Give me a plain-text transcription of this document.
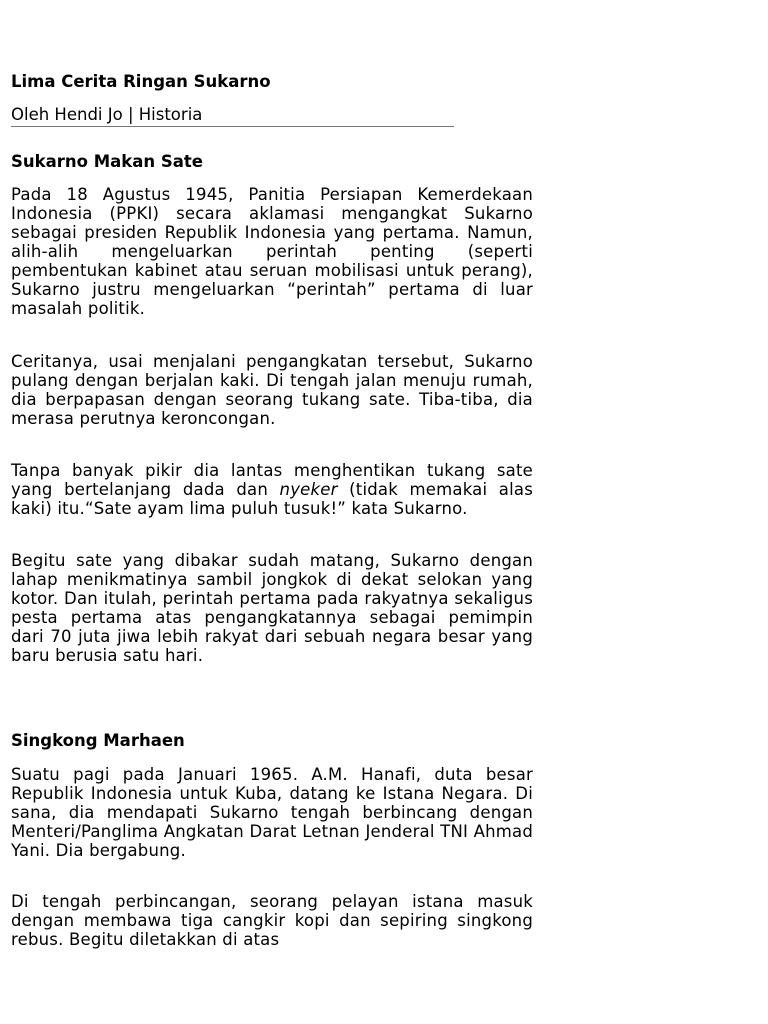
Lima Cerita Ringan Sukarno
Oleh Hendi Jo | Historia
Sukarno Makan Sate

Pada 18 Agustus 1945, Panitia Persiapan Kemerdekaan Indonesia (PPKI) secara aklamasi mengangkat Sukarno sebagai presiden Republik Indonesia yang pertama. Namun, alih-alih mengeluarkan perintah penting (seperti pembentukan kabinet atau seruan mobilisasi untuk perang), Sukarno justru mengeluarkan “perintah” pertama di luar masalah politik.

Ceritanya, usai menjalani pengangkatan tersebut, Sukarno pulang dengan berjalan kaki. Di tengah jalan menuju rumah, dia berpapasan dengan seorang tukang sate. Tiba-tiba, dia merasa perutnya keroncongan.

Tanpa banyak pikir dia lantas menghentikan tukang sate yang bertelanjang dada dan nyeker (tidak memakai alas kaki) itu.“Sate ayam lima puluh tusuk!” kata Sukarno.

Begitu sate yang dibakar sudah matang, Sukarno dengan lahap menikmatinya sambil jongkok di dekat selokan yang kotor. Dan itulah, perintah pertama pada rakyatnya sekaligus pesta pertama atas pengangkatannya sebagai pemimpin dari 70 juta jiwa lebih rakyat dari sebuah negara besar yang baru berusia satu hari.

Singkong Marhaen

Suatu pagi pada Januari 1965. A.M. Hanafi, duta besar Republik Indonesia untuk Kuba, datang ke Istana Negara. Di sana, dia mendapati Sukarno tengah berbincang dengan Menteri/Panglima Angkatan Darat Letnan Jenderal TNI Ahmad Yani. Dia bergabung.

Di tengah perbincangan, seorang pelayan istana masuk dengan membawa tiga cangkir kopi dan sepiring singkong rebus. Begitu diletakkan di atas
